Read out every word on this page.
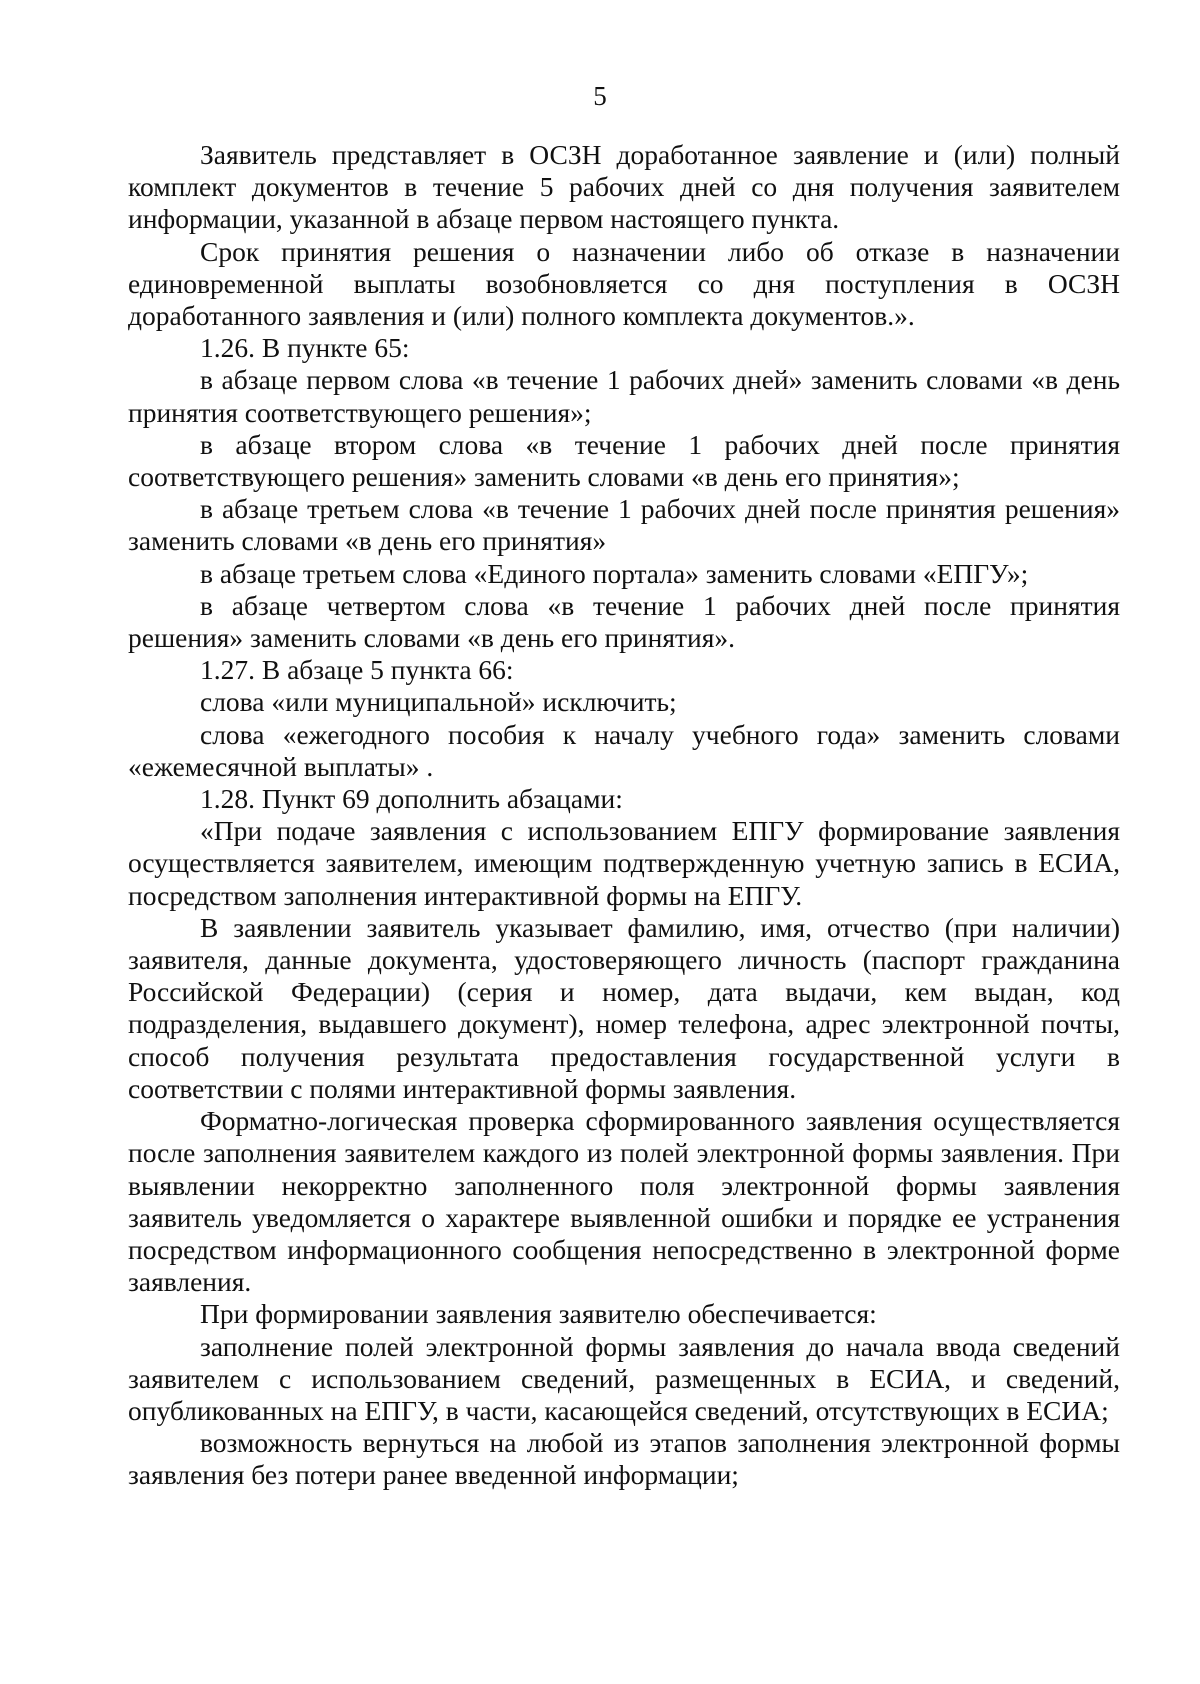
5

Заявитель представляет в ОСЗН доработанное заявление и (или) полный комплект документов в течение 5 рабочих дней со дня получения заявителем информации, указанной в абзаце первом настоящего пункта.

Срок принятия решения о назначении либо об отказе в назначении единовременной выплаты возобновляется со дня поступления в ОСЗН доработанного заявления и (или) полного комплекта документов.».

1.26. В пункте 65:

в абзаце первом слова «в течение 1 рабочих дней» заменить словами «в день принятия соответствующего решения»;

в абзаце втором слова «в течение 1 рабочих дней после принятия соответствующего решения» заменить словами «в день его принятия»;

в абзаце третьем слова «в течение 1 рабочих дней после принятия решения» заменить словами «в день его принятия»

в абзаце третьем слова «Единого портала» заменить словами «ЕПГУ»;

в абзаце четвертом слова «в течение 1 рабочих дней после принятия решения» заменить словами «в день его принятия».

1.27. В абзаце 5 пункта 66:

слова «или муниципальной» исключить;

слова «ежегодного пособия к началу учебного года» заменить словами «ежемесячной выплаты» .

1.28. Пункт 69 дополнить абзацами:

«При подаче заявления с использованием ЕПГУ формирование заявления осуществляется заявителем, имеющим подтвержденную учетную запись в ЕСИА, посредством заполнения интерактивной формы на ЕПГУ.

В заявлении заявитель указывает фамилию, имя, отчество (при наличии) заявителя, данные документа, удостоверяющего личность (паспорт гражданина Российской Федерации) (серия и номер, дата выдачи, кем выдан, код подразделения, выдавшего документ), номер телефона, адрес электронной почты, способ получения результата предоставления государственной услуги в соответствии с полями интерактивной формы заявления.

Форматно-логическая проверка сформированного заявления осуществляется после заполнения заявителем каждого из полей электронной формы заявления. При выявлении некорректно заполненного поля электронной формы заявления заявитель уведомляется о характере выявленной ошибки и порядке ее устранения посредством информационного сообщения непосредственно в электронной форме заявления.

При формировании заявления заявителю обеспечивается:

заполнение полей электронной формы заявления до начала ввода сведений заявителем с использованием сведений, размещенных в ЕСИА, и сведений, опубликованных на ЕПГУ, в части, касающейся сведений, отсутствующих в ЕСИА;

возможность вернуться на любой из этапов заполнения электронной формы заявления без потери ранее введенной информации;
